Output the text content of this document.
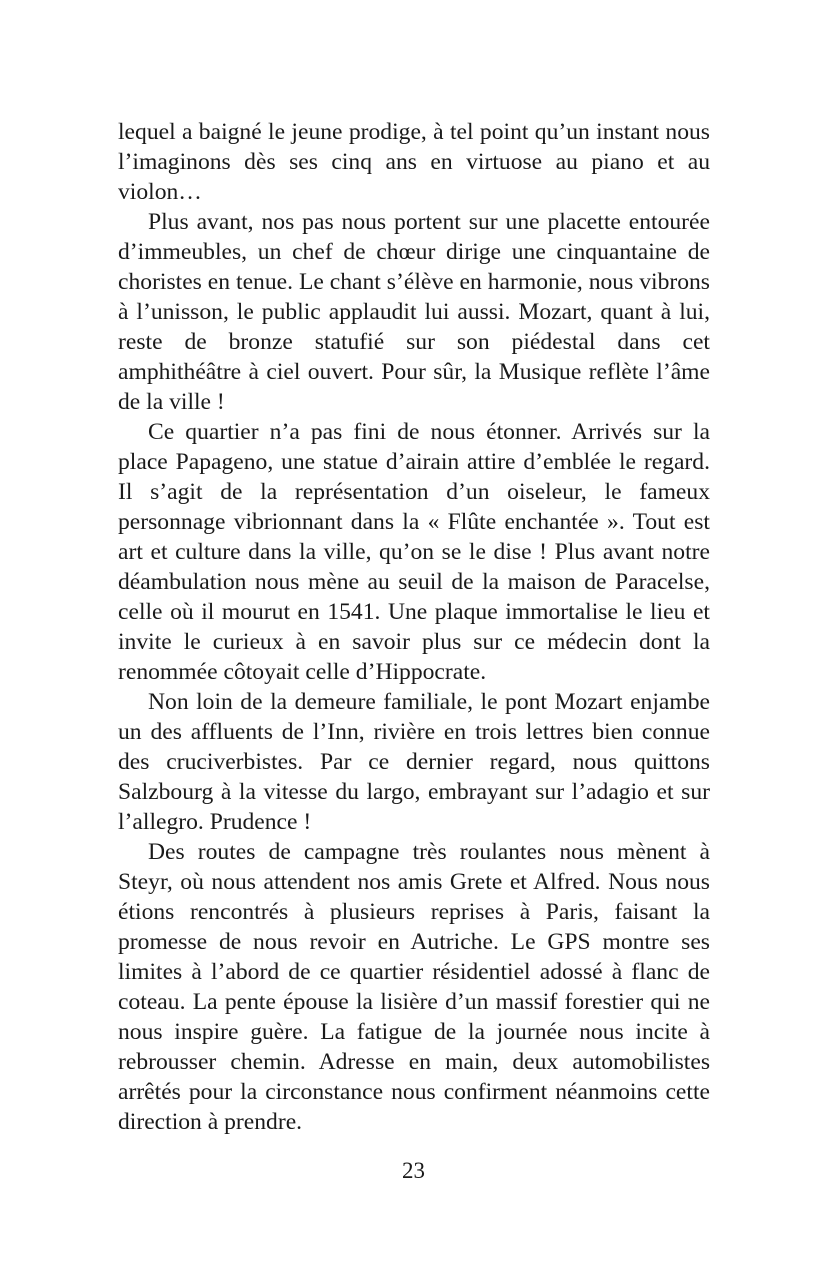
lequel a baigné le jeune prodige, à tel point qu’un instant nous l’imaginons dès ses cinq ans en virtuose au piano et au violon…

Plus avant, nos pas nous portent sur une placette entourée d’immeubles, un chef de chœur dirige une cinquantaine de choristes en tenue. Le chant s’élève en harmonie, nous vibrons à l’unisson, le public applaudit lui aussi. Mozart, quant à lui, reste de bronze statufié sur son piédestal dans cet amphithéâtre à ciel ouvert. Pour sûr, la Musique reflète l’âme de la ville !

Ce quartier n’a pas fini de nous étonner. Arrivés sur la place Papageno, une statue d’airain attire d’emblée le regard. Il s’agit de la représentation d’un oiseleur, le fameux personnage vibrionnant dans la « Flûte enchantée ». Tout est art et culture dans la ville, qu’on se le dise ! Plus avant notre déambulation nous mène au seuil de la maison de Paracelse, celle où il mourut en 1541. Une plaque immortalise le lieu et invite le curieux à en savoir plus sur ce médecin dont la renommée côtoyait celle d’Hippocrate.

Non loin de la demeure familiale, le pont Mozart enjambe un des affluents de l’Inn, rivière en trois lettres bien connue des cruciverbistes. Par ce dernier regard, nous quittons Salzbourg à la vitesse du largo, embrayant sur l’adagio et sur l’allegro. Prudence !

Des routes de campagne très roulantes nous mènent à Steyr, où nous attendent nos amis Grete et Alfred. Nous nous étions rencontrés à plusieurs reprises à Paris, faisant la promesse de nous revoir en Autriche. Le GPS montre ses limites à l’abord de ce quartier résidentiel adossé à flanc de coteau. La pente épouse la lisière d’un massif forestier qui ne nous inspire guère. La fatigue de la journée nous incite à rebrousser chemin. Adresse en main, deux automobilistes arrêtés pour la circonstance nous confirment néanmoins cette direction à prendre.

23
